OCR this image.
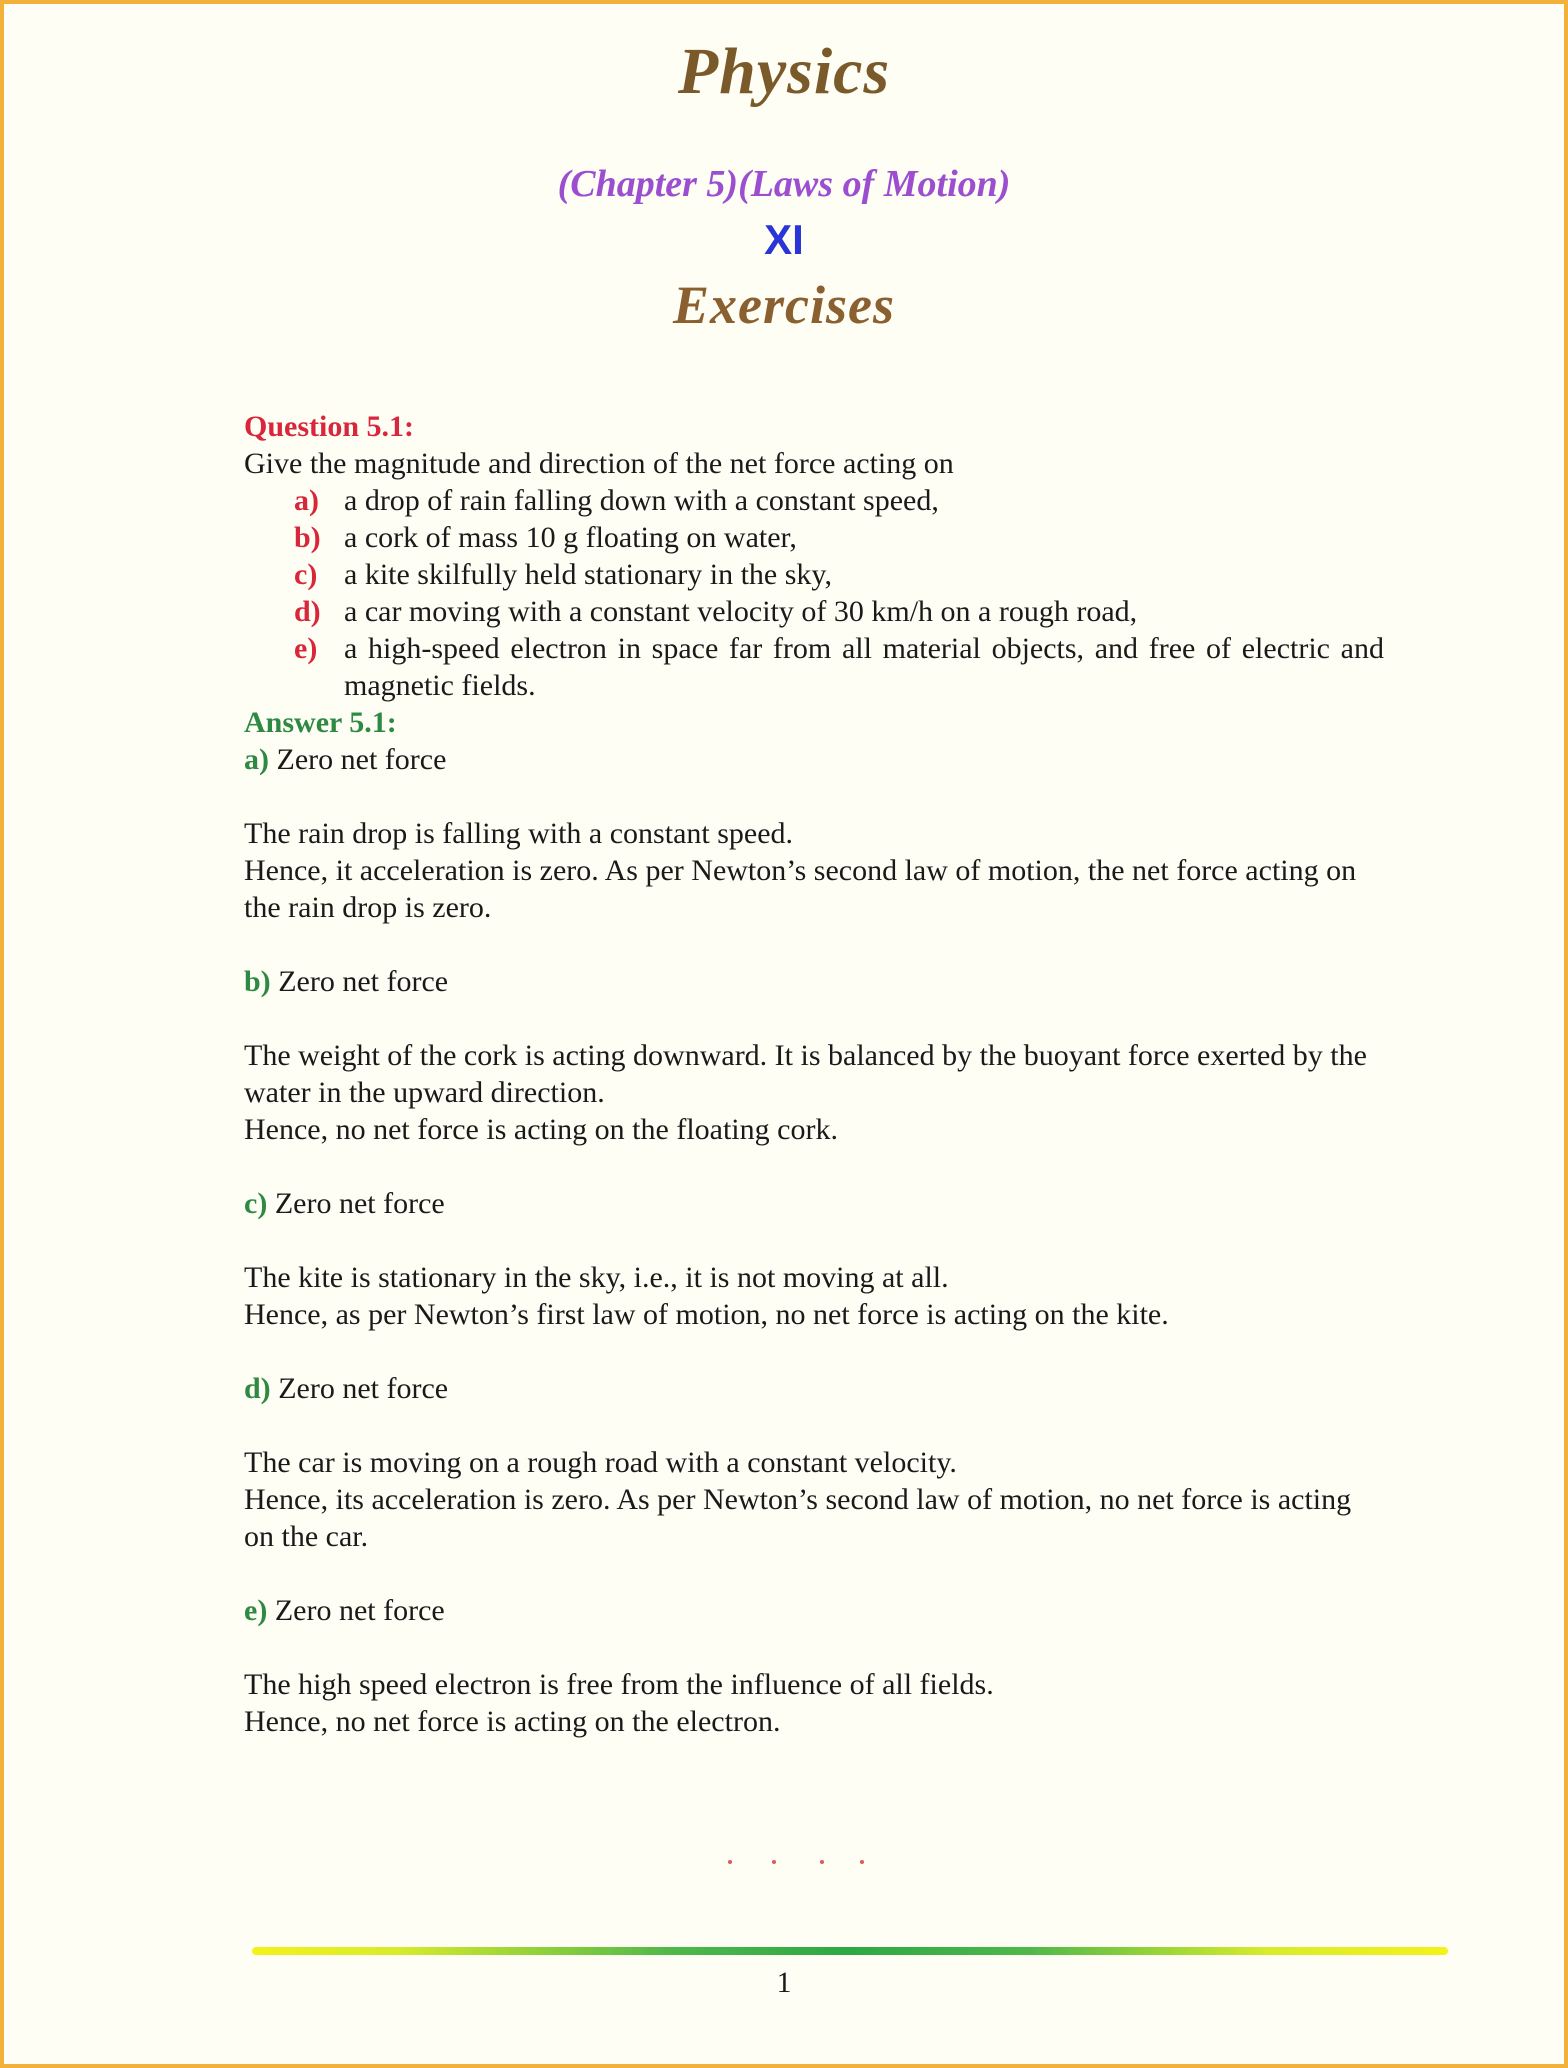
Physics
(Chapter 5)(Laws of Motion)
XI
Exercises
Question 5.1:
Give the magnitude and direction of the net force acting on
a) a drop of rain falling down with a constant speed,
b) a cork of mass 10 g floating on water,
c) a kite skilfully held stationary in the sky,
d) a car moving with a constant velocity of 30 km/h on a rough road,
e) a high-speed electron in space far from all material objects, and free of electric and magnetic fields.
Answer 5.1:
a) Zero net force
The rain drop is falling with a constant speed.
Hence, it acceleration is zero. As per Newton’s second law of motion, the net force acting on the rain drop is zero.
b) Zero net force
The weight of the cork is acting downward. It is balanced by the buoyant force exerted by the water in the upward direction.
Hence, no net force is acting on the floating cork.
c) Zero net force
The kite is stationary in the sky, i.e., it is not moving at all.
Hence, as per Newton’s first law of motion, no net force is acting on the kite.
d) Zero net force
The car is moving on a rough road with a constant velocity.
Hence, its acceleration is zero. As per Newton’s second law of motion, no net force is acting on the car.
e) Zero net force
The high speed electron is free from the influence of all fields.
Hence, no net force is acting on the electron.
1
